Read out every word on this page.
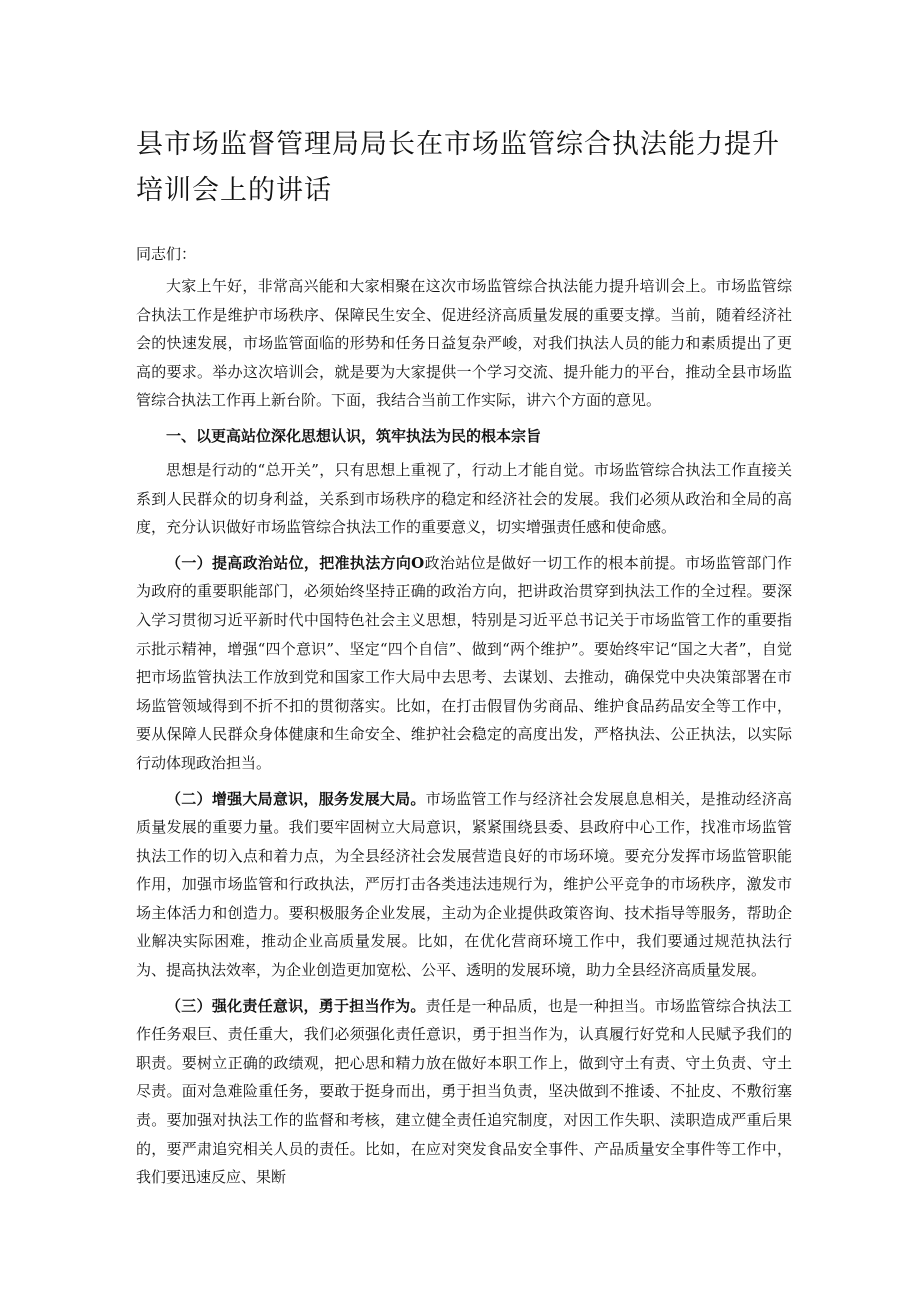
县市场监督管理局局长在市场监管综合执法能力提升培训会上的讲话
同志们：

大家上午好，非常高兴能和大家相聚在这次市场监管综合执法能力提升培训会上。市场监管综合执法工作是维护市场秩序、保障民生安全、促进经济高质量发展的重要支撑。当前，随着经济社会的快速发展，市场监管面临的形势和任务日益复杂严峻，对我们执法人员的能力和素质提出了更高的要求。举办这次培训会，就是要为大家提供一个学习交流、提升能力的平台，推动全县市场监管综合执法工作再上新台阶。下面，我结合当前工作实际，讲六个方面的意见。

一、以更高站位深化思想认识，筑牢执法为民的根本宗旨

思想是行动的“总开关”，只有思想上重视了，行动上才能自觉。市场监管综合执法工作直接关系到人民群众的切身利益，关系到市场秩序的稳定和经济社会的发展。我们必须从政治和全局的高度，充分认识做好市场监管综合执法工作的重要意义，切实增强责任感和使命感。

（一）提高政治站位，把准执法方向O政治站位是做好一切工作的根本前提。市场监管部门作为政府的重要职能部门，必须始终坚持正确的政治方向，把讲政治贯穿到执法工作的全过程。要深入学习贯彻习近平新时代中国特色社会主义思想，特别是习近平总书记关于市场监管工作的重要指示批示精神，增强“四个意识”、坚定“四个自信”、做到“两个维护”。要始终牢记“国之大者”，自觉把市场监管执法工作放到党和国家工作大局中去思考、去谋划、去推动，确保党中央决策部署在市场监管领域得到不折不扣的贯彻落实。比如，在打击假冒伪劣商品、维护食品药品安全等工作中，要从保障人民群众身体健康和生命安全、维护社会稳定的高度出发，严格执法、公正执法，以实际行动体现政治担当。

（二）增强大局意识，服务发展大局。市场监管工作与经济社会发展息息相关，是推动经济高质量发展的重要力量。我们要牢固树立大局意识，紧紧围绕县委、县政府中心工作，找准市场监管执法工作的切入点和着力点，为全县经济社会发展营造良好的市场环境。要充分发挥市场监管职能作用，加强市场监管和行政执法，严厉打击各类违法违规行为，维护公平竞争的市场秩序，激发市场主体活力和创造力。要积极服务企业发展，主动为企业提供政策咨询、技术指导等服务，帮助企业解决实际困难，推动企业高质量发展。比如，在优化营商环境工作中，我们要通过规范执法行为、提高执法效率，为企业创造更加宽松、公平、透明的发展环境，助力全县经济高质量发展。

（三）强化责任意识，勇于担当作为。责任是一种品质，也是一种担当。市场监管综合执法工作任务艰巨、责任重大，我们必须强化责任意识，勇于担当作为，认真履行好党和人民赋予我们的职责。要树立正确的政绩观，把心思和精力放在做好本职工作上，做到守土有责、守土负责、守土尽责。面对急难险重任务，要敢于挺身而出，勇于担当负责，坚决做到不推诿、不扯皮、不敷衍塞责。要加强对执法工作的监督和考核，建立健全责任追究制度，对因工作失职、渎职造成严重后果的，要严肃追究相关人员的责任。比如，在应对突发食品安全事件、产品质量安全事件等工作中，我们要迅速反应、果断
